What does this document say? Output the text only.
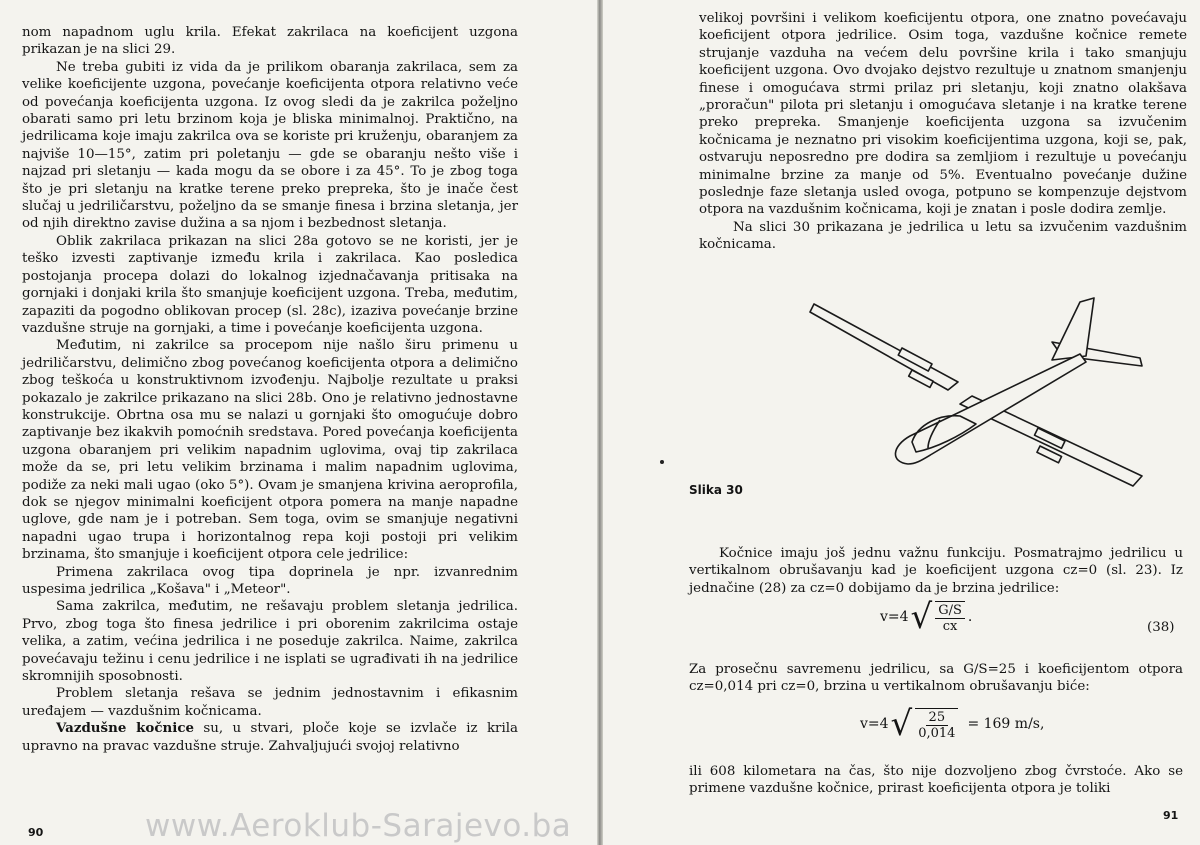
nom napadnom uglu krila. Efekat zakrilaca na koeficijent uzgona prikazan je na slici 29.

Ne treba gubiti iz vida da je prilikom obaranja zakrilaca, sem za velike koeficijente uzgona, povećanje koeficijenta otpora relativno veće od povećanja koeficijenta uzgona. Iz ovog sledi da je zakrilca poželjno obarati samo pri letu brzinom koja je bliska minimalnoj. Praktično, na jedrilicama koje imaju zakrilca ova se koriste pri kruženju, obaranjem za najviše 10—15°, zatim pri poletanju — gde se obaranju nešto više i najzad pri sletanju — kada mogu da se obore i za 45°. To je zbog toga što je pri sletanju na kratke terene preko prepreka, što je inače čest slučaj u jedriličarstvu, poželjno da se smanje finesa i brzina sletanja, jer od njih direktno zavise dužina a sa njom i bezbednost sletanja.

Oblik zakrilaca prikazan na slici 28a gotovo se ne koristi, jer je teško izvesti zaptivanje između krila i zakrilaca. Kao posledica postojanja procepa dolazi do lokalnog izjednačavanja pritisaka na gornjaki i donjaki krila što smanjuje koeficijent uzgona. Treba, međutim, zapaziti da pogodno oblikovan procep (sl. 28c), izaziva povećanje brzine vazdušne struje na gornjaki, a time i povećanje koeficijenta uzgona.

Međutim, ni zakrilce sa procepom nije našlo širu primenu u jedriličarstvu, delimično zbog povećanog koeficijenta otpora a delimično zbog teškoća u konstruktivnom izvođenju. Najbolje rezultate u praksi pokazalo je zakrilce prikazano na slici 28b. Ono je relativno jednostavne konstrukcije. Obrtna osa mu se nalazi u gornjaki što omogućuje dobro zaptivanje bez ikakvih pomoćnih sredstava. Pored povećanja koeficijenta uzgona obaranjem pri velikim napadnim uglovima, ovaj tip zakrilaca može da se, pri letu velikim brzinama i malim napadnim uglovima, podiže za neki mali ugao (oko 5°). Ovam je smanjena krivina aeroprofila, dok se njegov minimalni koeficijent otpora pomera na manje napadne uglove, gde nam je i potreban. Sem toga, ovim se smanjuje negativni napadni ugao trupa i horizontalnog repa koji postoji pri velikim brzinama, što smanjuje i koeficijent otpora cele jedrilice:

Primena zakrilaca ovog tipa doprinela je npr. izvanrednim uspesima jedrilica „Košava" i „Meteor".

Sama zakrilca, međutim, ne rešavaju problem sletanja jedrilica. Prvo, zbog toga što finesa jedrilice i pri oborenim zakrilcima ostaje velika, a zatim, većina jedrilica i ne poseduje zakrilca. Naime, zakrilca povećavaju težinu i cenu jedrilice i ne isplati se ugrađivati ih na jedrilice skromnijih sposobnosti.

Problem sletanja rešava se jednim jednostavnim i efikasnim uređajem — vazdušnim kočnicama.

Vazdušne kočnice su, u stvari, ploče koje se izvlače iz krila upravno na pravac vazdušne struje. Zahvaljujući svojoj relativno

90

velikoj površini i velikom koeficijentu otpora, one znatno povećavaju koeficijent otpora jedrilice. Osim toga, vazdušne kočnice remete strujanje vazduha na većem delu površine krila i tako smanjuju koeficijent uzgona. Ovo dvojako dejstvo rezultuje u znatnom smanjenju finese i omogućava strmi prilaz pri sletanju, koji znatno olakšava „proračun" pilota pri sletanju i omogućava sletanje i na kratke terene preko prepreka. Smanjenje koeficijenta uzgona sa izvučenim kočnicama je neznatno pri visokim koeficijentima uzgona, koji se, pak, ostvaruju neposredno pre dodira sa zemljiom i rezultuje u povećanju minimalne brzine za manje od 5%. Eventualno povećanje dužine poslednje faze sletanja usled ovoga, potpuno se kompenzuje dejstvom otpora na vazdušnim kočnicama, koji je znatan i posle dodira zemlje.

Na slici 30 prikazana je jedrilica u letu sa izvučenim vazdušnim kočnicama.

91
Slika 30

Kočnice imaju još jednu važnu funkciju. Posmatrajmo jedrilicu u vertikalnom obrušavanju kad je koeficijent uzgona cz=0 (sl. 23). Iz jednačine (28) za cz=0 dobijamo da je brzina jedrilice:

v=4 √ $\frac{G/S}{cx}$ .
(38)

Za prosečnu savremenu jedrilicu, sa G/S=25 i koeficijentom otpora cz=0,014 pri cz=0, brzina u vertikalnom obrušavanju biće:

v=4 √ $\frac{25}{0,014} = 169$ m/s,

ili 608 kilometara na čas, što nije dozvoljeno zbog čvrstoće. Ako se primene vazdušne kočnice, prirast koeficijenta otpora je toliki

www.Aeroklub-Sarajevo.ba
